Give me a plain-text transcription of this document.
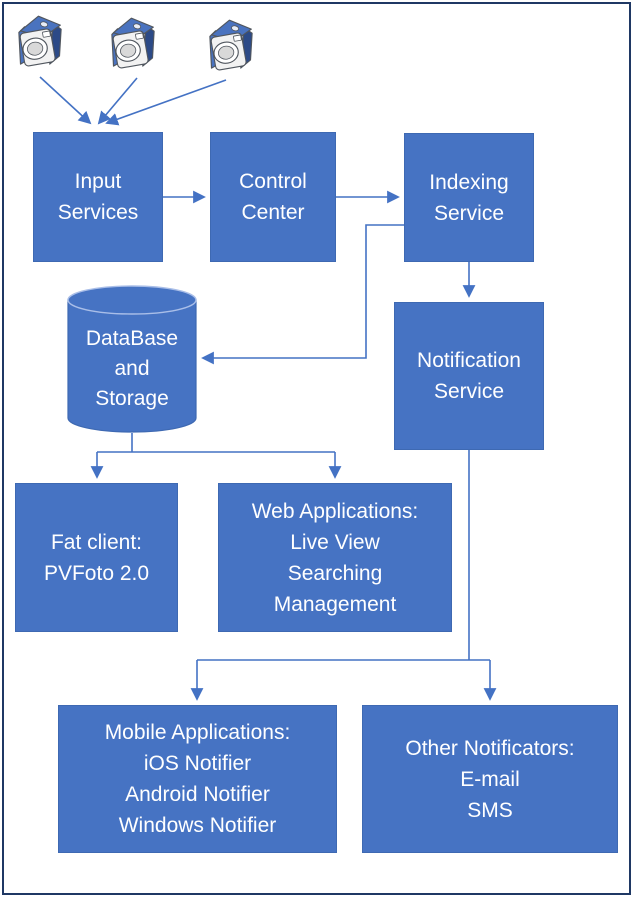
Input
Services
Control
Center
Indexing
Service
DataBase
and
Storage
Notification
Service
Fat client:
PVFoto 2.0
Web Applications:
Live View
Searching
Management
Mobile Applications:
iOS Notifier
Android Notifier
Windows Notifier
Other Notificators:
E-mail
SMS
